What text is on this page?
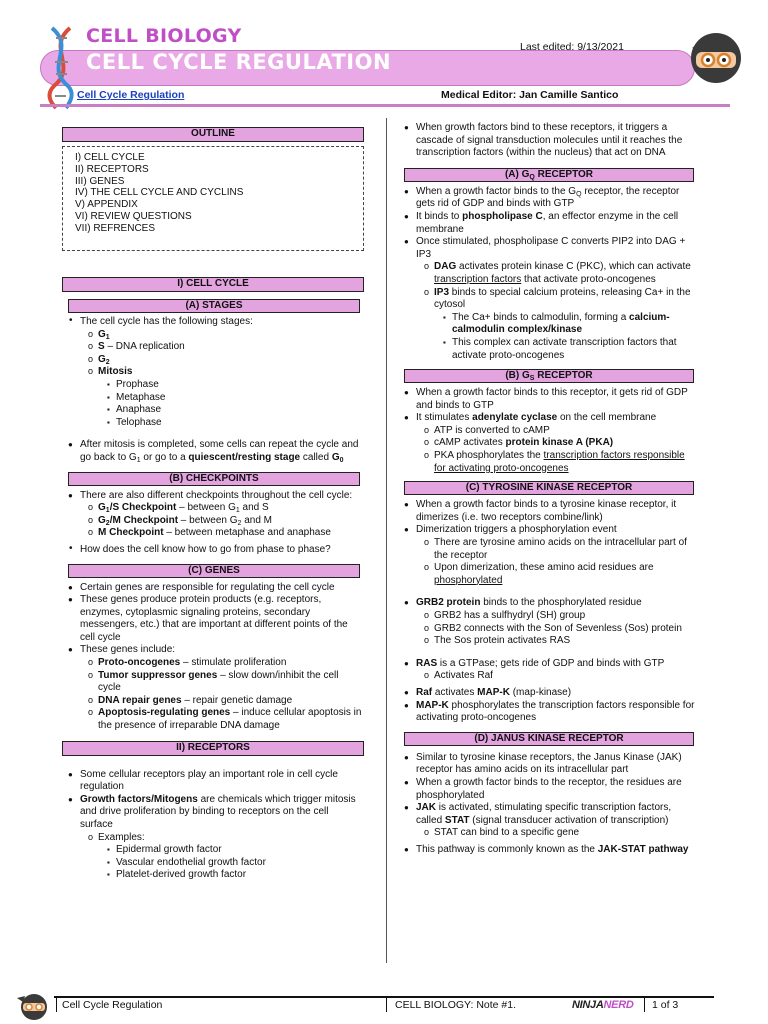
CELL BIOLOGY
CELL CYCLE REGULATION
Last edited: 9/13/2021
Cell Cycle Regulation	Medical Editor: Jan Camille Santico
OUTLINE
I) CELL CYCLE
II) RECEPTORS
III) GENES
IV) THE CELL CYCLE AND CYCLINS
V) APPENDIX
VI) REVIEW QUESTIONS
VII) REFRENCES
I) CELL CYCLE
(A) STAGES
• The cell cycle has the following stages:
o $G_1$
o S – DNA replication
o $G_2$
o Mitosis
▪ Prophase
▪ Metaphase
▪ Anaphase
▪ Telophase
● After mitosis is completed, some cells can repeat the cycle and go back to $G_1$ or go to a quiescent/resting stage called $G_0$
(B) CHECKPOINTS
● There are also different checkpoints throughout the cell cycle:
o $G_1/S$ Checkpoint – between $G_1$ and S
o $G_2/M$ Checkpoint – between $G_2$ and M
o M Checkpoint – between metaphase and anaphase
• How does the cell know how to go from phase to phase?
(C) GENES
● Certain genes are responsible for regulating the cell cycle
● These genes produce protein products (e.g. receptors, enzymes, cytoplasmic signaling proteins, secondary messengers, etc.) that are important at different points of the cell cycle
● These genes include:
o Proto-oncogenes – stimulate proliferation
o Tumor suppressor genes – slow down/inhibit the cell cycle
o DNA repair genes – repair genetic damage
o Apoptosis-regulating genes – induce cellular apoptosis in the presence of irreparable DNA damage
II) RECEPTORS
● Some cellular receptors play an important role in cell cycle regulation
● Growth factors/Mitogens are chemicals which trigger mitosis and drive proliferation by binding to receptors on the cell surface
o Examples:
▪ Epidermal growth factor
▪ Vascular endothelial growth factor
▪ Platelet-derived growth factor
● When growth factors bind to these receptors, it triggers a cascade of signal transduction molecules until it reaches the transcription factors (within the nucleus) that act on DNA
(A) $G_Q$ RECEPTOR
● When a growth factor binds to the $G_Q$ receptor, the receptor gets rid of GDP and binds with GTP
● It binds to phospholipase C, an effector enzyme in the cell membrane
● Once stimulated, phospholipase C converts PIP2 into DAG + IP3
o DAG activates protein kinase C (PKC), which can activate transcription factors that activate proto-oncogenes
o IP3 binds to special calcium proteins, releasing Ca+ in the cytosol
▪ The Ca+ binds to calmodulin, forming a calcium-calmodulin complex/kinase
▪ This complex can activate transcription factors that activate proto-oncogenes
(B) $G_S$ RECEPTOR
● When a growth factor binds to this receptor, it gets rid of GDP and binds to GTP
● It stimulates adenylate cyclase on the cell membrane
o ATP is converted to cAMP
o cAMP activates protein kinase A (PKA)
o PKA phosphorylates the transcription factors responsible for activating proto-oncogenes
(C) TYROSINE KINASE RECEPTOR
● When a growth factor binds to a tyrosine kinase receptor, it dimerizes (i.e. two receptors combine/link)
● Dimerization triggers a phosphorylation event
o There are tyrosine amino acids on the intracellular part of the receptor
o Upon dimerization, these amino acid residues are phosphorylated
● GRB2 protein binds to the phosphorylated residue
o GRB2 has a sulfhydryl (SH) group
o GRB2 connects with the Son of Sevenless (Sos) protein
o The Sos protein activates RAS
● RAS is a GTPase; gets ride of GDP and binds with GTP
o Activates Raf
● Raf activates MAP-K (map-kinase)
● MAP-K phosphorylates the transcription factors responsible for activating proto-oncogenes
(D) JANUS KINASE RECEPTOR
● Similar to tyrosine kinase receptors, the Janus Kinase (JAK) receptor has amino acids on its intracellular part
● When a growth factor binds to the receptor, the residues are phosphorylated
● JAK is activated, stimulating specific transcription factors, called STAT (signal transducer activation of transcription)
o STAT can bind to a specific gene
● This pathway is commonly known as the JAK-STAT pathway
Cell Cycle Regulation	CELL BIOLOGY: Note #1.	NINJANERD 1 of 3
